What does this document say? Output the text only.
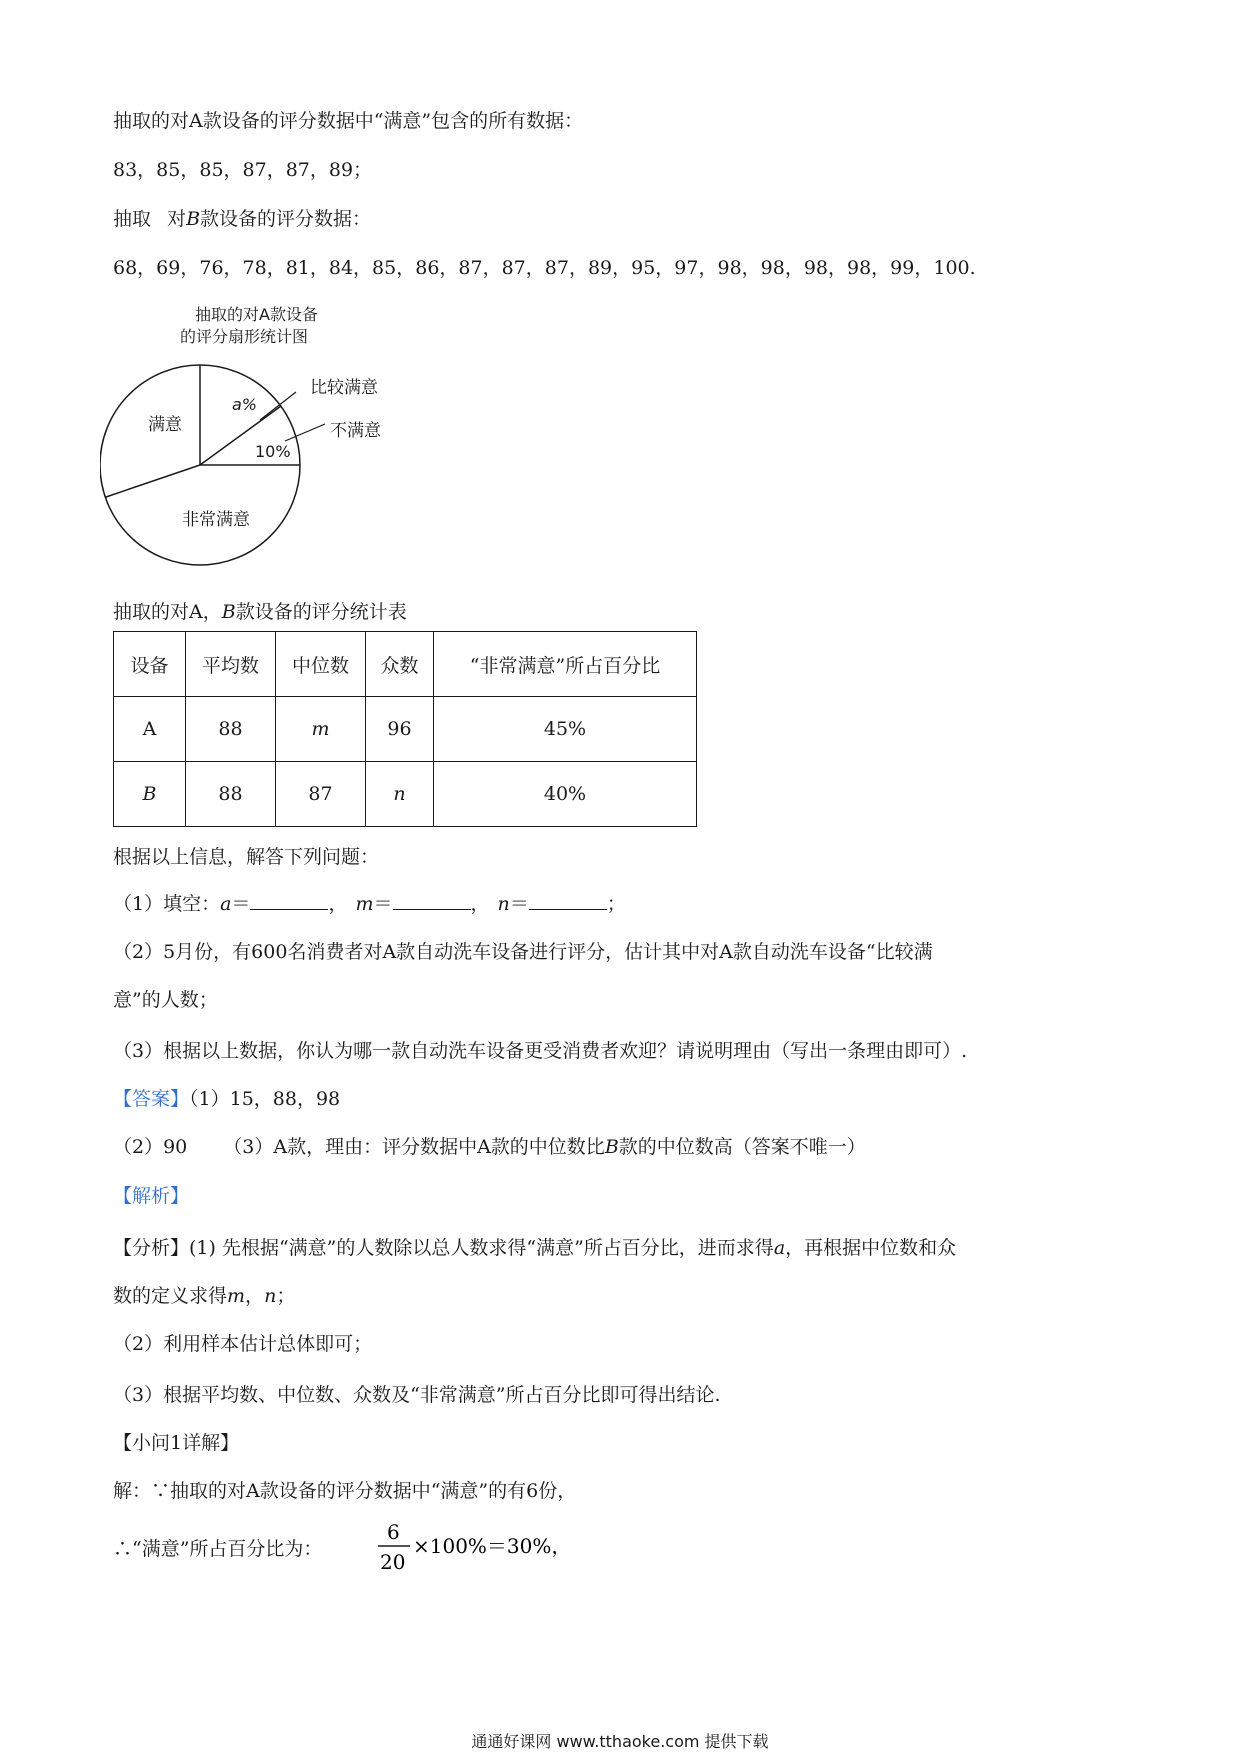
抽取的对A款设备的评分数据中“满意”包含的所有数据：
83，85，85，87，87，89；
抽取 对B款设备的评分数据：
68，69，76，78，81，84，85，86，87，87，87，89，95，97，98，98，98，98，99，100.
抽取的对A款设备
的评分扇形统计图
满意
非常满意
a%
10%
比较满意
不满意
抽取的对A，B款设备的评分统计表
设备	平均数	中位数	众数	“非常满意”所占百分比
A	88	m	96	45%
B	88	87	n	40%
根据以上信息，解答下列问题：
（1）填空：a＝	， m＝	， n＝	；
（2）5月份，有600名消费者对A款自动洗车设备进行评分，估计其中对A款自动洗车设备“比较满
意”的人数；
（3）根据以上数据，你认为哪一款自动洗车设备更受消费者欢迎？请说明理由（写出一条理由即可）.
【答案】（1）15，88，98
（2）90 （3）A款，理由：评分数据中A款的中位数比B款的中位数高（答案不唯一）
【解析】
【分析】(1) 先根据“满意”的人数除以总人数求得“满意”所占百分比，进而求得a，再根据中位数和众
数的定义求得m，n；
（2）利用样本估计总体即可；
（3）根据平均数、中位数、众数及“非常满意”所占百分比即可得出结论.
【小问1详解】
解：∵抽取的对A款设备的评分数据中“满意”的有6份，
∴“满意”所占百分比为：
6
20
×100%＝30%，
通通好课网 www.tthaoke.com 提供下载
